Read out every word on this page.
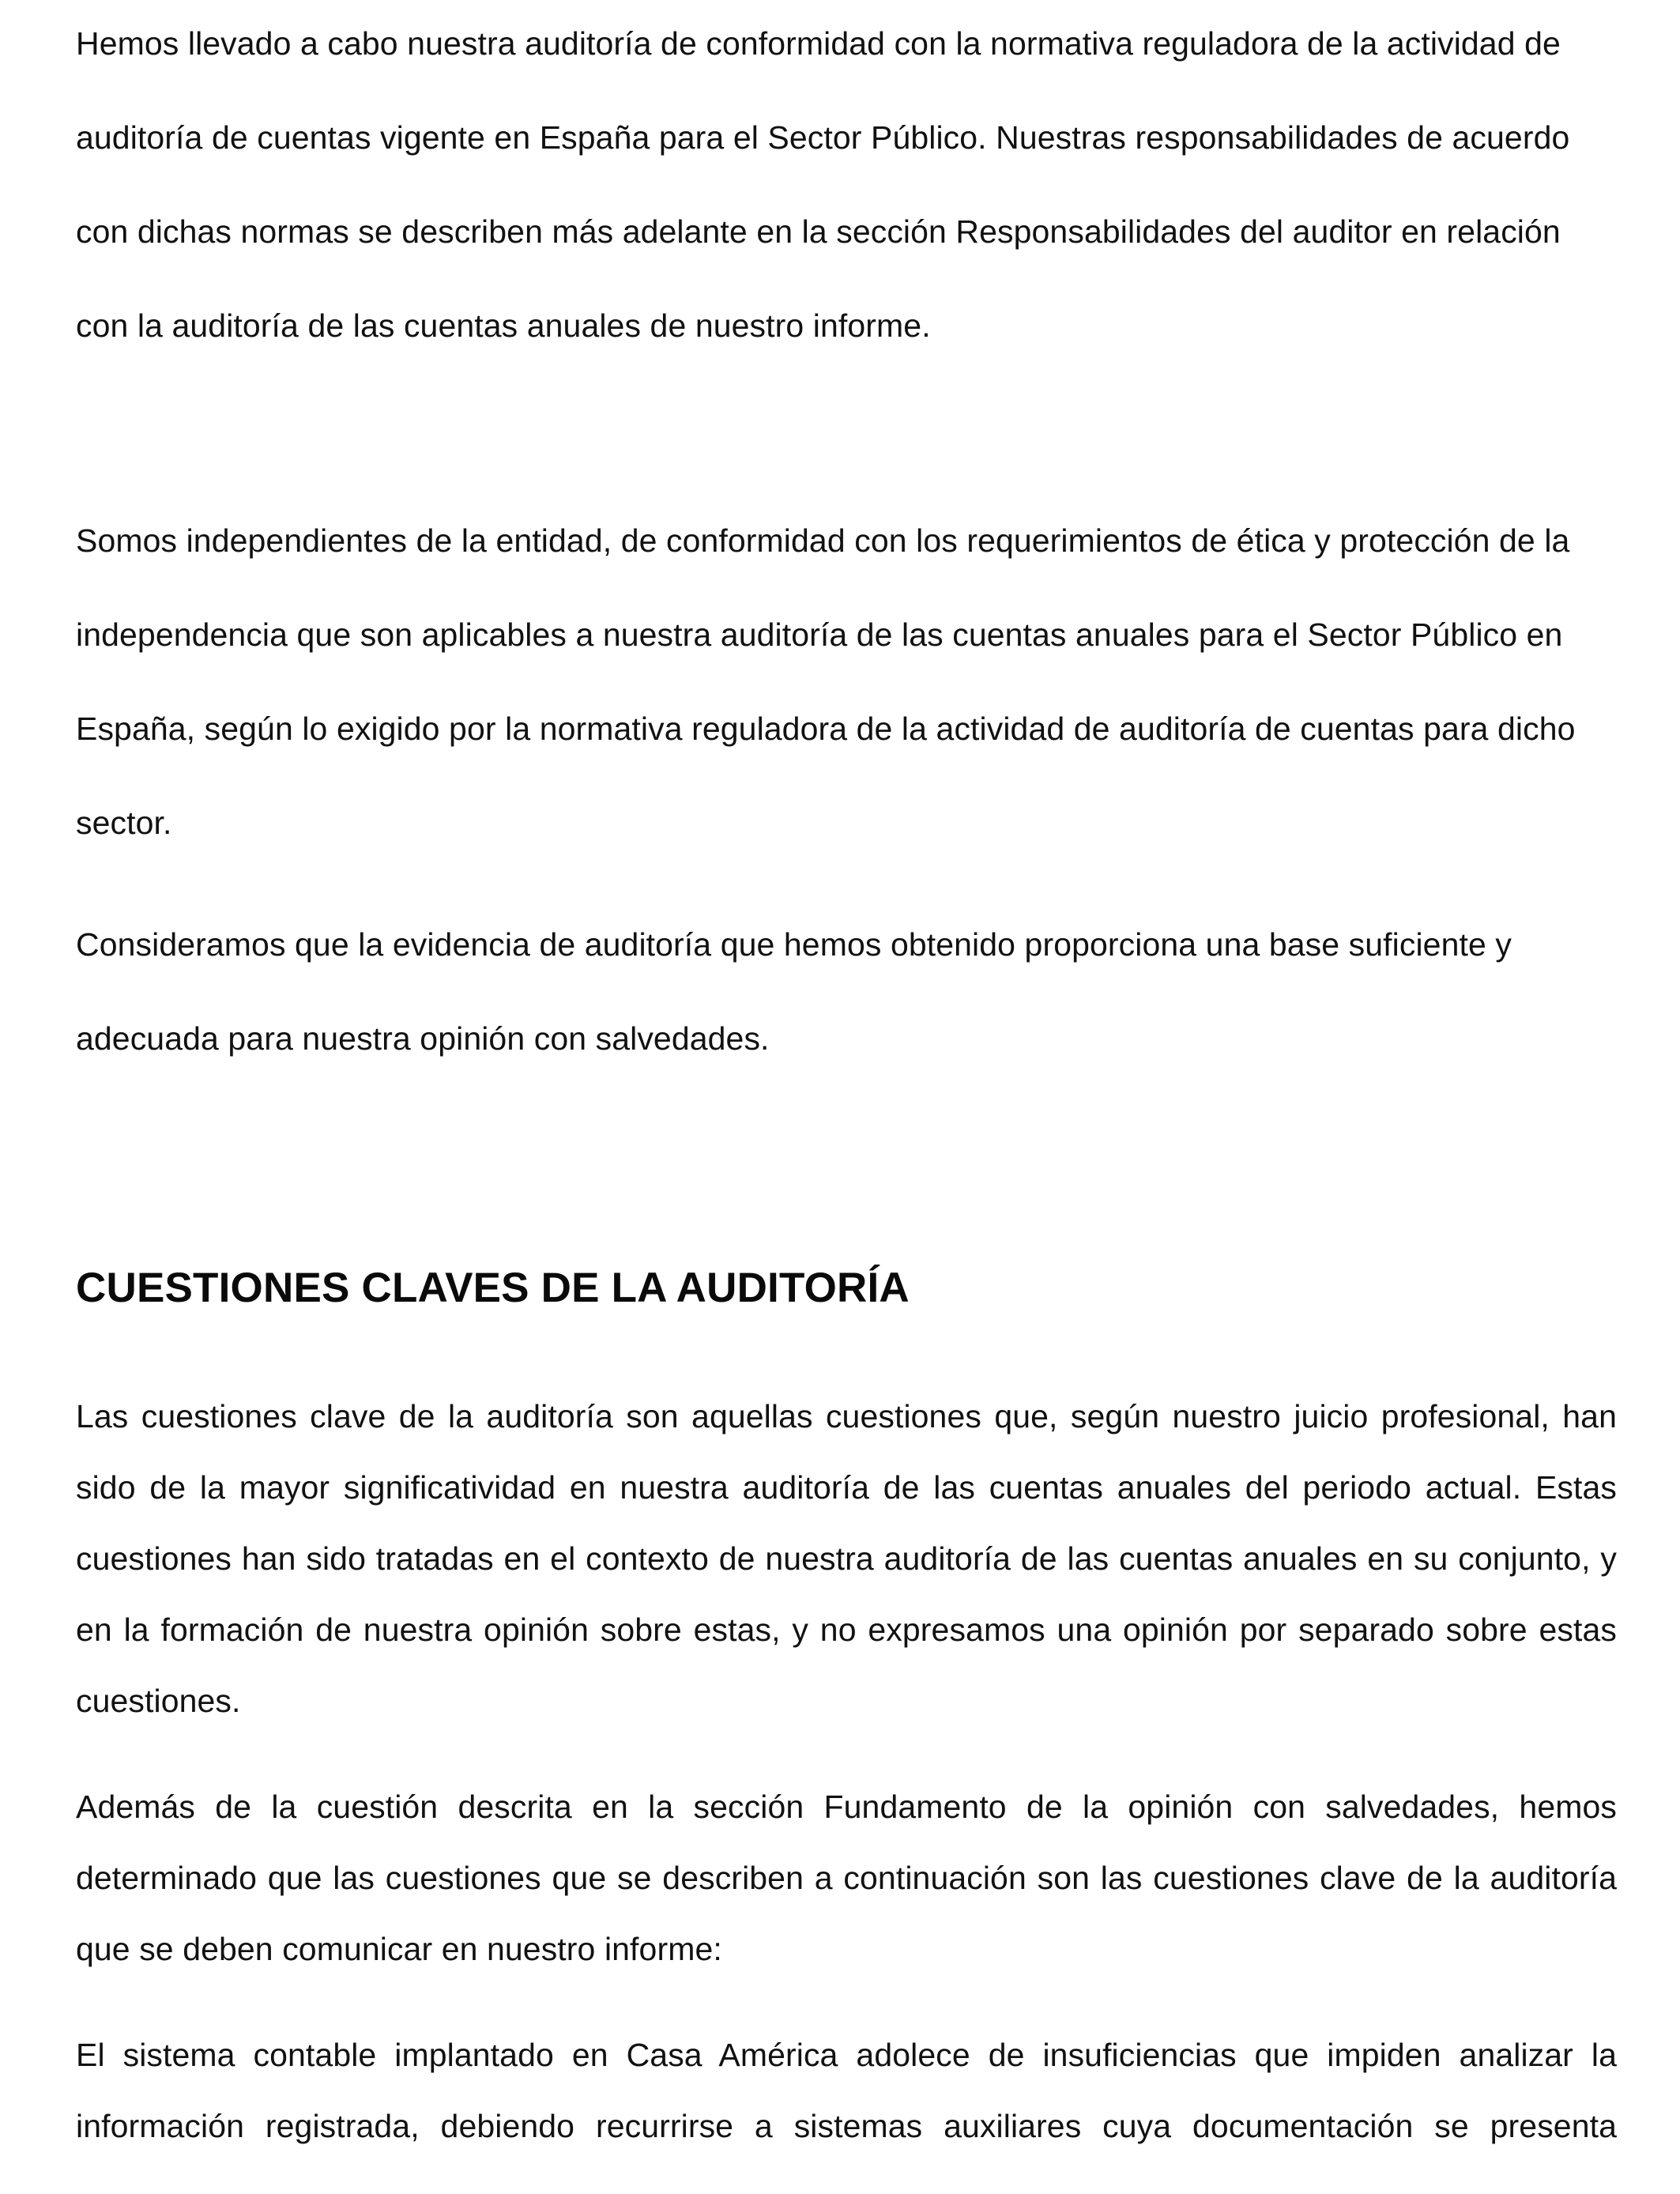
Hemos llevado a cabo nuestra auditoría de conformidad con la normativa reguladora de la actividad de auditoría de cuentas vigente en España para el Sector Público. Nuestras responsabilidades de acuerdo con dichas normas se describen más adelante en la sección Responsabilidades del auditor en relación con la auditoría de las cuentas anuales de nuestro informe.

Somos independientes de la entidad, de conformidad con los requerimientos de ética y protección de la independencia que son aplicables a nuestra auditoría de las cuentas anuales para el Sector Público en España, según lo exigido por la normativa reguladora de la actividad de auditoría de cuentas para dicho sector.

Consideramos que la evidencia de auditoría que hemos obtenido proporciona una base suficiente y adecuada para nuestra opinión con salvedades.

CUESTIONES CLAVES DE LA AUDITORÍA

Las cuestiones clave de la auditoría son aquellas cuestiones que, según nuestro juicio profesional, han sido de la mayor significatividad en nuestra auditoría de las cuentas anuales del periodo actual. Estas cuestiones han sido tratadas en el contexto de nuestra auditoría de las cuentas anuales en su conjunto, y en la formación de nuestra opinión sobre estas, y no expresamos una opinión por separado sobre estas cuestiones.

Además de la cuestión descrita en la sección Fundamento de la opinión con salvedades, hemos determinado que las cuestiones que se describen a continuación son las cuestiones clave de la auditoría que se deben comunicar en nuestro informe:

El sistema contable implantado en Casa América adolece de insuficiencias que impiden analizar la información registrada, debiendo recurrirse a sistemas auxiliares cuya documentación se presenta
